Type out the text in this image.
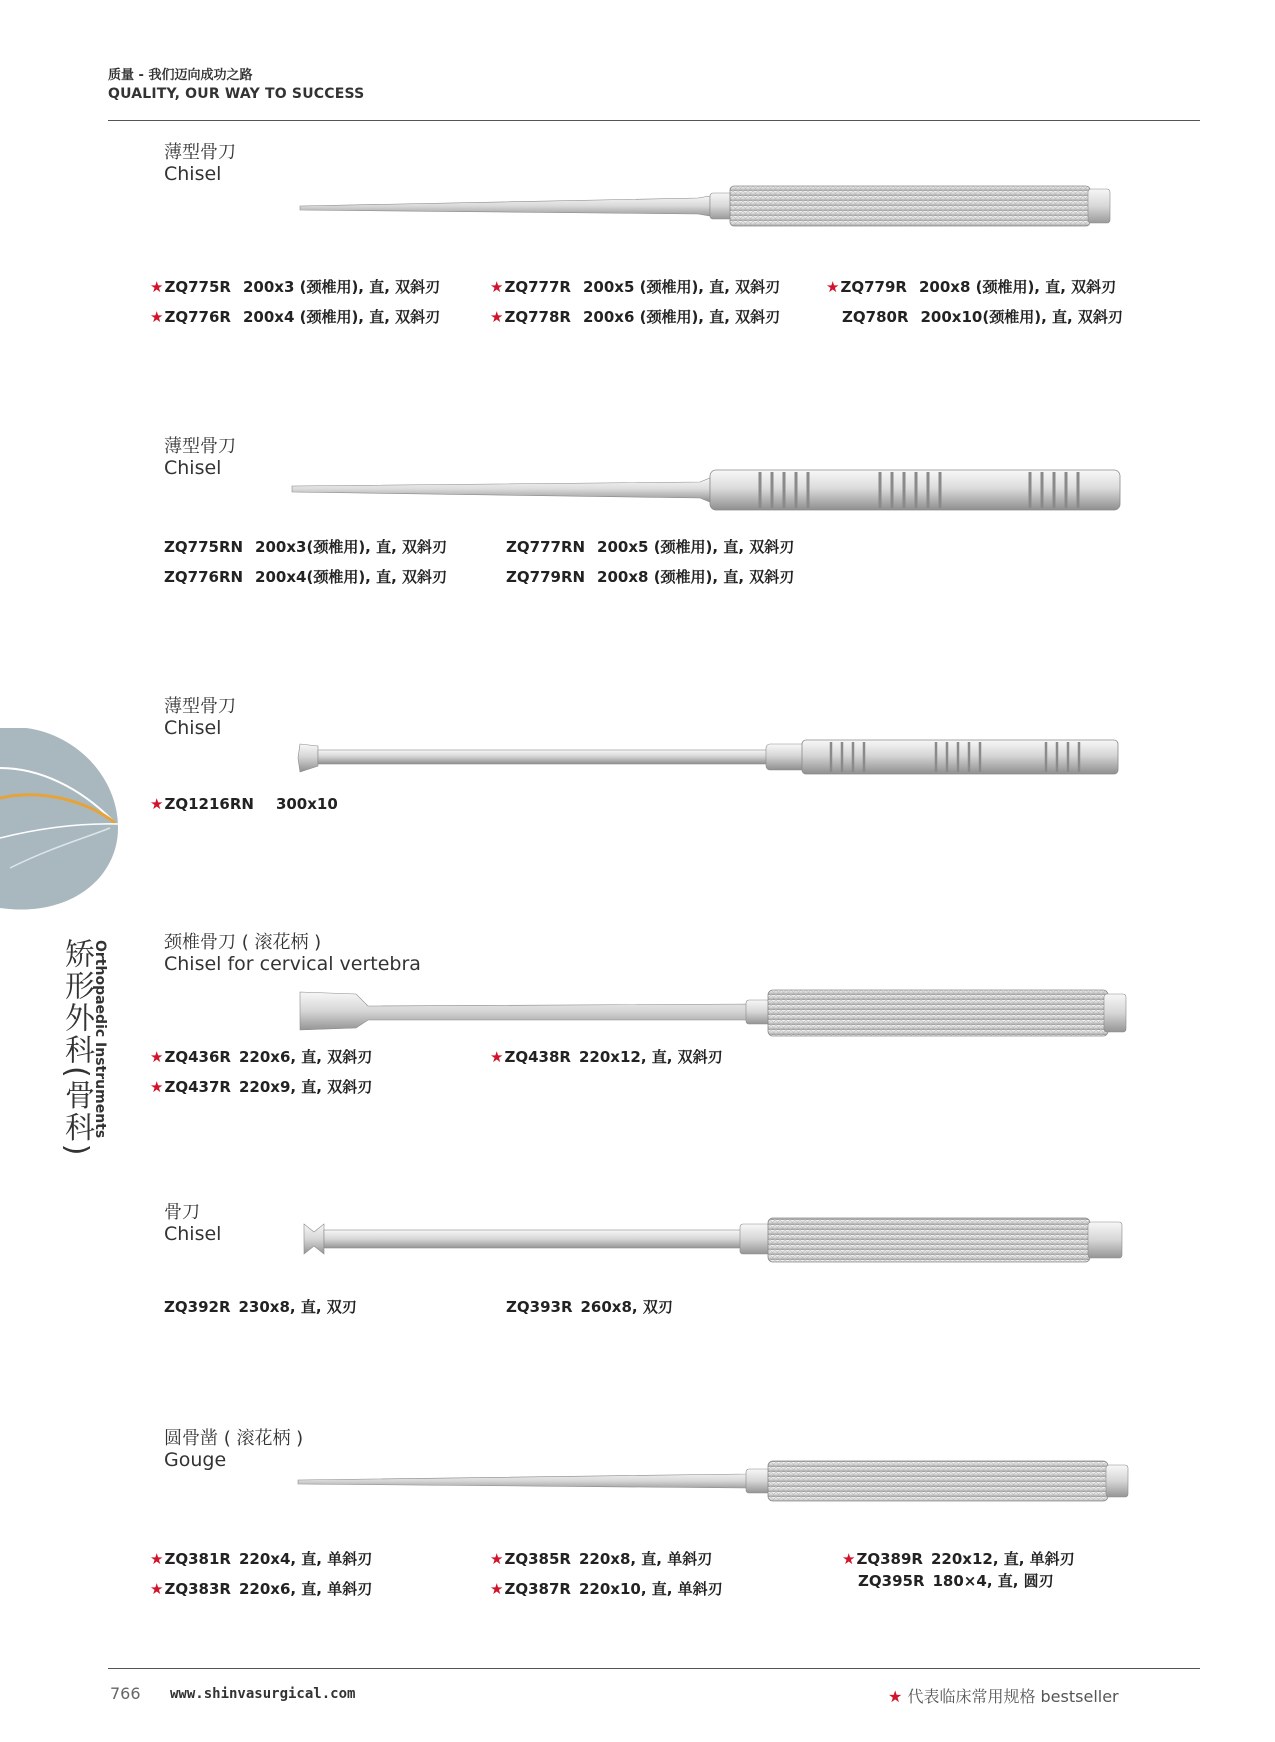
质量 - 我们迈向成功之路
QUALITY, OUR WAY TO SUCCESS
矫形外科(骨科)
Orthopaedic Instruments
薄型骨刀
Chisel
★ZQ775R 200x3 (颈椎用), 直, 双斜刃	★ZQ777R 200x5 (颈椎用), 直, 双斜刃	★ZQ779R 200x8 (颈椎用), 直, 双斜刃
★ZQ776R 200x4 (颈椎用), 直, 双斜刃	★ZQ778R 200x6 (颈椎用), 直, 双斜刃	ZQ780R 200x10(颈椎用), 直, 双斜刃
薄型骨刀
Chisel
ZQ775RN 200x3(颈椎用), 直, 双斜刃	ZQ777RN 200x5 (颈椎用), 直, 双斜刃
ZQ776RN 200x4(颈椎用), 直, 双斜刃	ZQ779RN 200x8 (颈椎用), 直, 双斜刃
薄型骨刀
Chisel
★ZQ1216RN 300x10
颈椎骨刀 ( 滚花柄 )
Chisel for cervical vertebra
★ZQ436R 220x6, 直, 双斜刃	★ZQ438R 220x12, 直, 双斜刃
★ZQ437R 220x9, 直, 双斜刃
骨刀
Chisel
ZQ392R 230x8, 直, 双刃	ZQ393R 260x8, 双刃
圆骨凿 ( 滚花柄 )
Gouge
★ZQ381R 220x4, 直, 单斜刃	★ZQ385R 220x8, 直, 单斜刃	★ZQ389R 220x12, 直, 单斜刃
★ZQ383R 220x6, 直, 单斜刃	★ZQ387R 220x10, 直, 单斜刃	ZQ395R 180×4, 直, 圆刃
766 www.shinvasurgical.com	★ 代表临床常用规格 bestseller
